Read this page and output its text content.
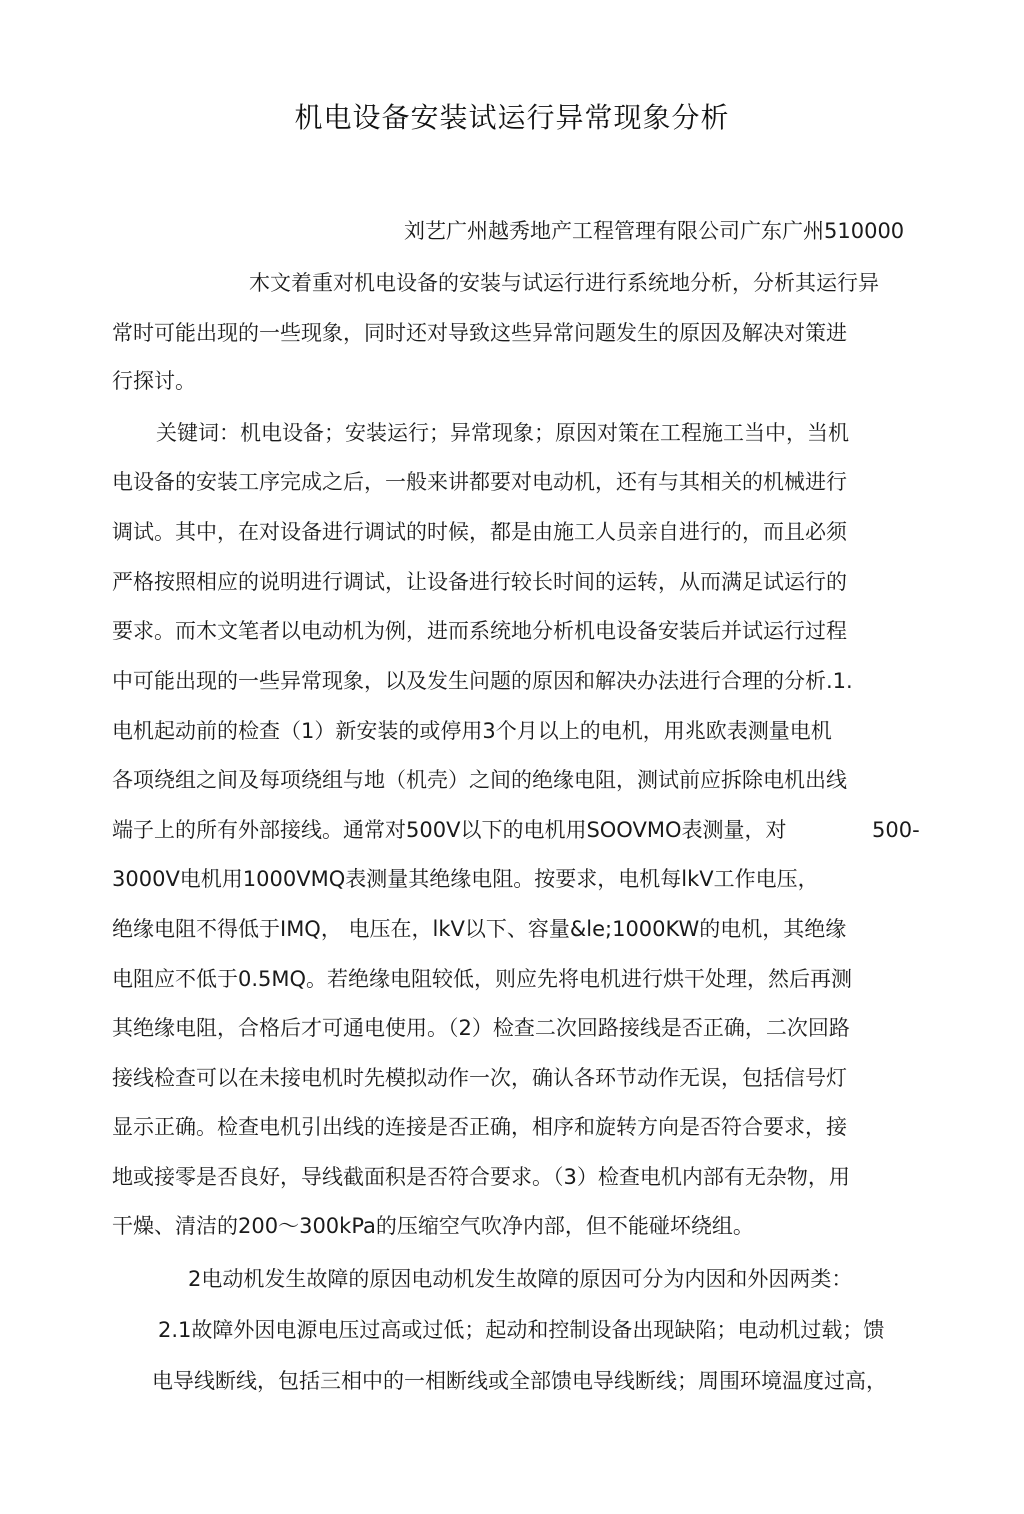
机电设备安装试运行异常现象分析
刘艺广州越秀地产工程管理有限公司广东广州510000
木文着重对机电设备的安装与试运行进行系统地分析，分析其运行异
常时可能出现的一些现象，同时还对导致这些异常问题发生的原因及解决对策进
行探讨。
关键词：机电设备；安装运行；异常现象；原因对策在工程施工当中，当机
电设备的安装工序完成之后，一般来讲都要对电动机，还有与其相关的机械进行
调试。其中，在对设备进行调试的时候，都是由施工人员亲自进行的，而且必须
严格按照相应的说明进行调试，让设备进行较长时间的运转，从而满足试运行的
要求。而木文笔者以电动机为例，进而系统地分析机电设备安装后并试运行过程
中可能出现的一些异常现象，以及发生问题的原因和解决办法进行合理的分析.1.
电机起动前的检查（1）新安装的或停用3个月以上的电机，用兆欧表测量电机
各项绕组之间及每项绕组与地（机壳）之间的绝缘电阻，测试前应拆除电机出线
端子上的所有外部接线。通常对500V以下的电机用SOOVMO表测量，对	500-
3000V电机用1000VMQ表测量其绝缘电阻。按要求，电机每lkV工作电压，
绝缘电阻不得低于IMQ， 电压在，lkV以下、容量&le;1000KW的电机，其绝缘
电阻应不低于0.5MQ。若绝缘电阻较低，则应先将电机进行烘干处理，然后再测
其绝缘电阻，合格后才可通电使用。（2）检查二次回路接线是否正确，二次回路
接线检查可以在未接电机时先模拟动作一次，确认各环节动作无误，包括信号灯
显示正确。检查电机引出线的连接是否正确，相序和旋转方向是否符合要求，接
地或接零是否良好，导线截面积是否符合要求。（3）检查电机内部有无杂物，用
干燥、清洁的200～300kPa的压缩空气吹净内部，但不能碰坏绕组。
2电动机发生故障的原因电动机发生故障的原因可分为内因和外因两类：
2.1故障外因电源电压过高或过低；起动和控制设备出现缺陷；电动机过载；馈
电导线断线，包括三相中的一相断线或全部馈电导线断线；周围环境温度过高，
